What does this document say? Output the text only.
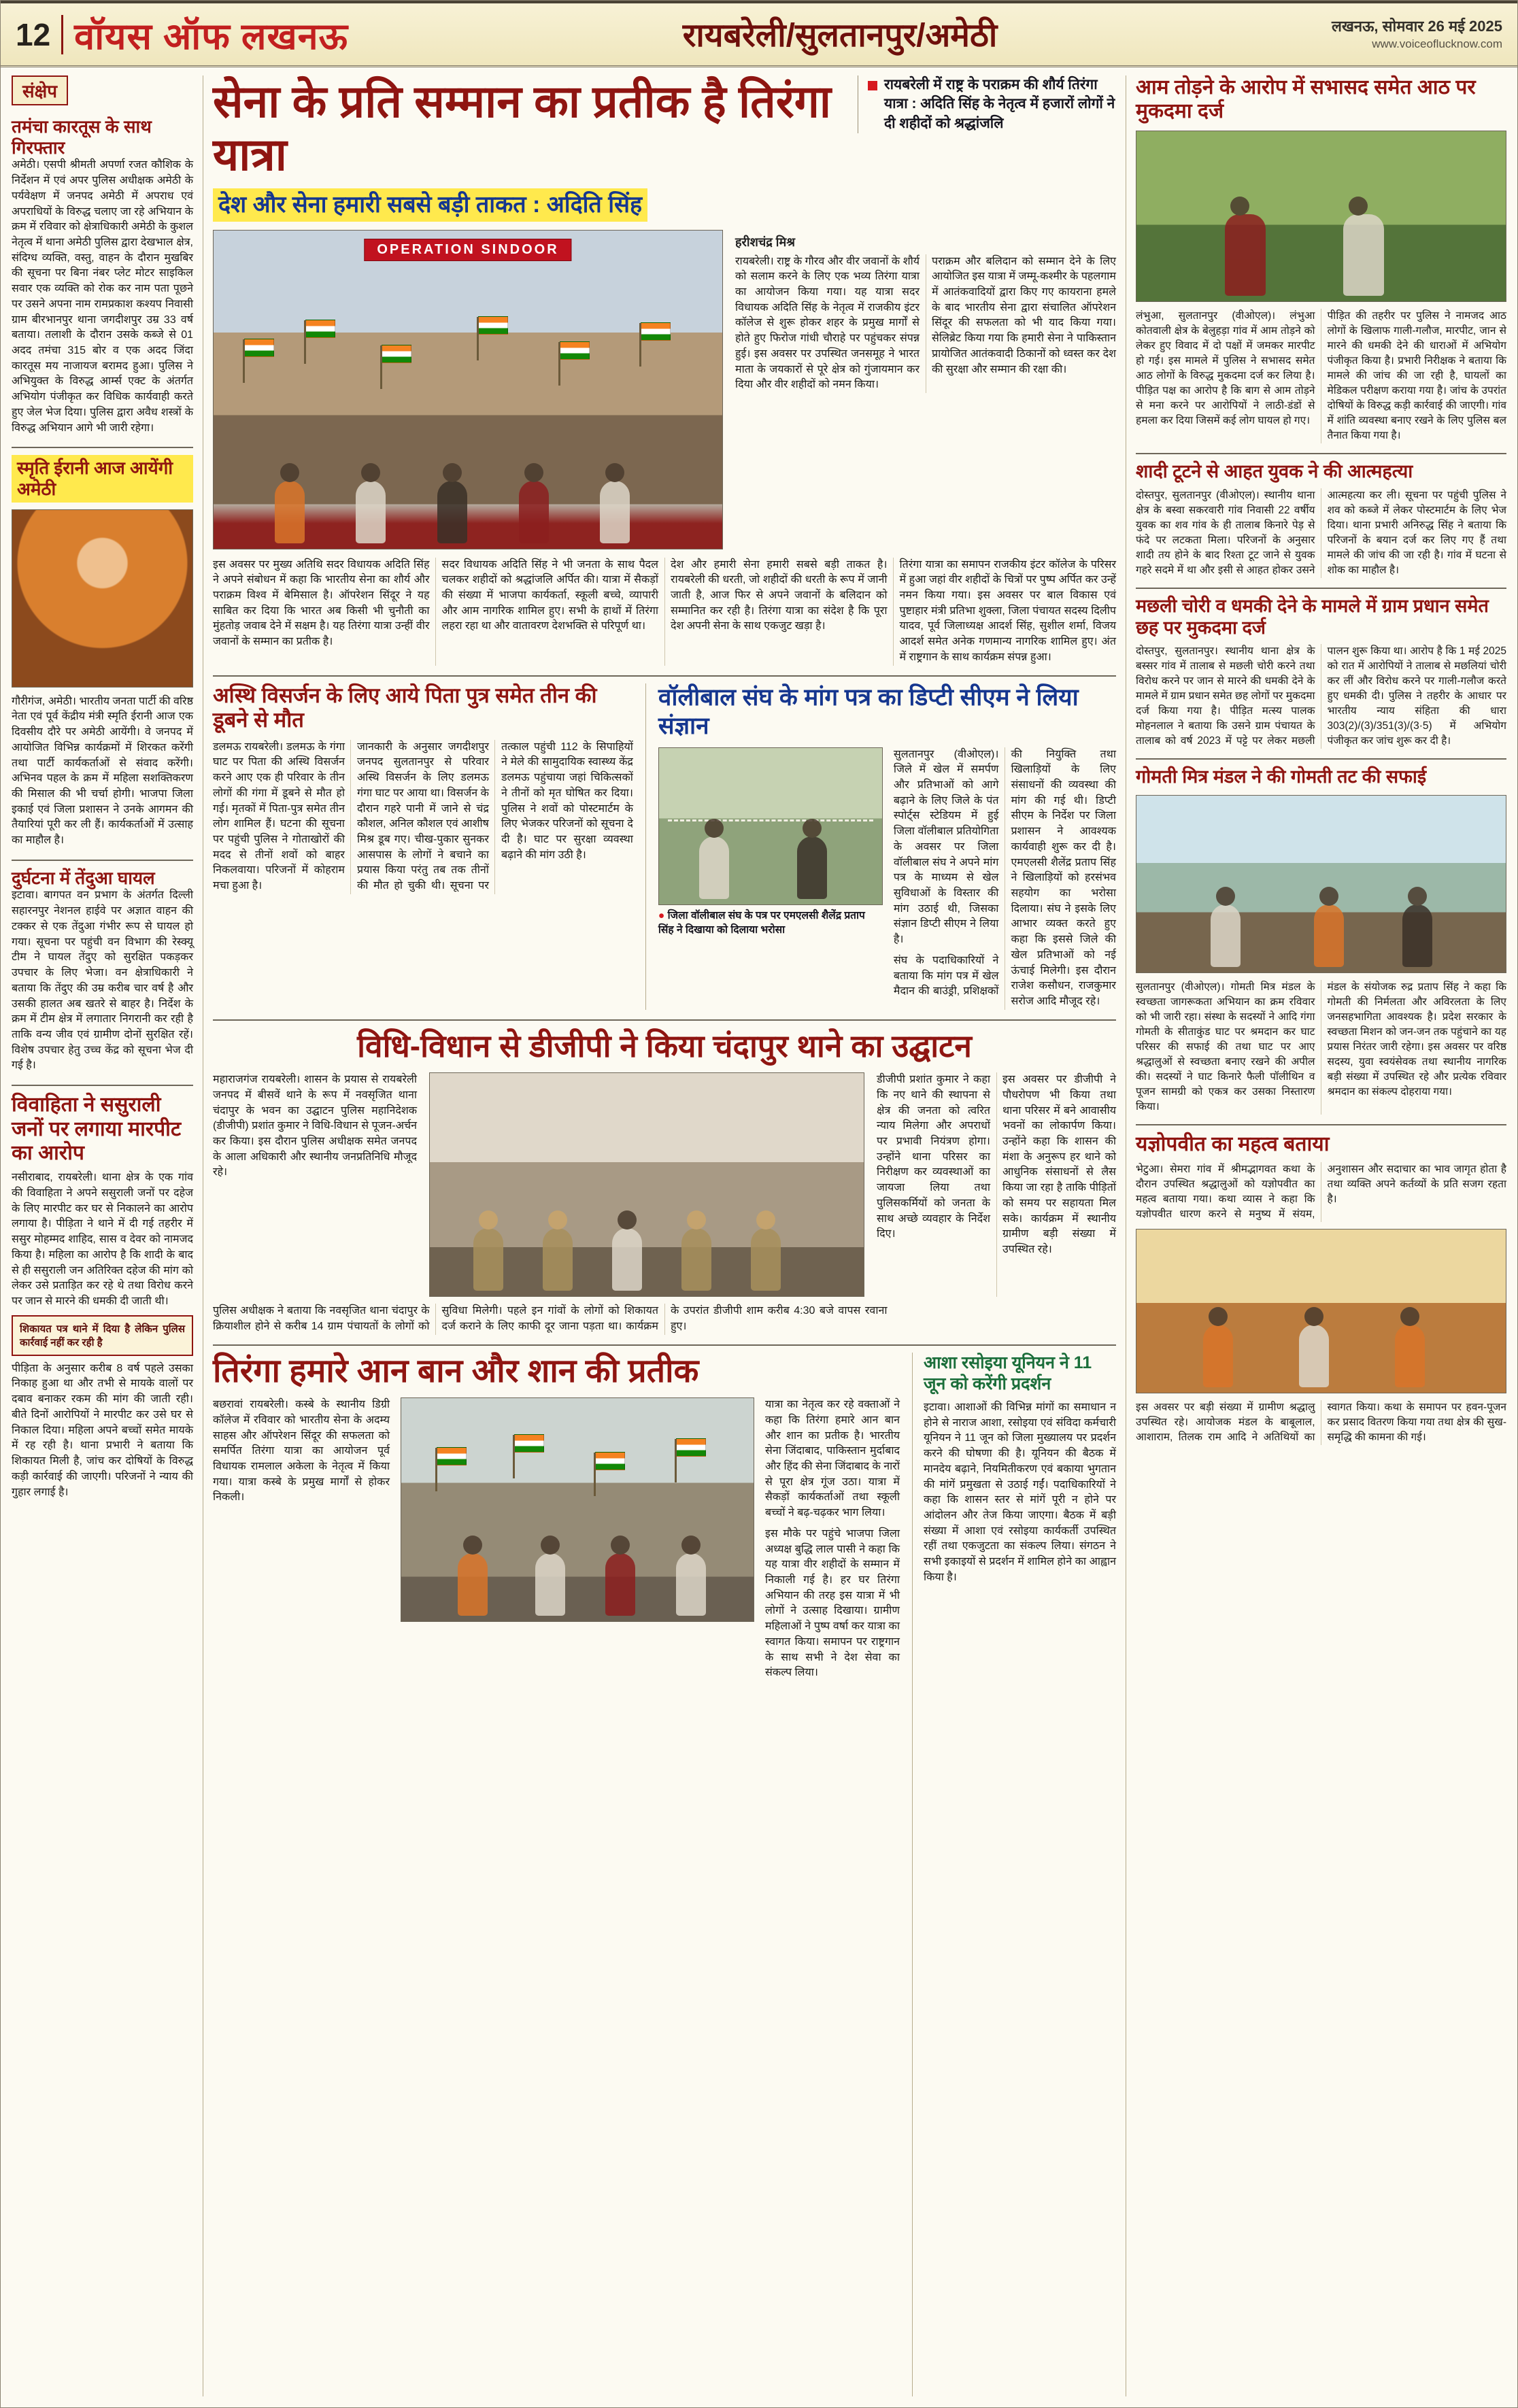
12 वॉयस ऑफ लखनऊ	रायबरेली/सुलतानपुर/अमेठी	लखनऊ, सोमवार 26 मई 2025
www.voiceoflucknow.com
संक्षेप
तमंचा कारतूस के साथ गिरफ्तार

अमेठी। एसपी श्रीमती अपर्णा रजत कौशिक के निर्देशन में एवं अपर पुलिस अधीक्षक अमेठी के पर्यवेक्षण में जनपद अमेठी में अपराध एवं अपराधियों के विरुद्ध चलाए जा रहे अभियान के क्रम में रविवार को क्षेत्राधिकारी अमेठी के कुशल नेतृत्व में थाना अमेठी पुलिस द्वारा देखभाल क्षेत्र, संदिग्ध व्यक्ति, वस्तु, वाहन के दौरान मुखबिर की सूचना पर बिना नंबर प्लेट मोटर साइकिल सवार एक व्यक्ति को रोक कर नाम पता पूछने पर उसने अपना नाम रामप्रकाश कश्यप निवासी ग्राम बीरभानपुर थाना जगदीशपुर उम्र 33 वर्ष बताया। तलाशी के दौरान उसके कब्जे से 01 अदद तमंचा 315 बोर व एक अदद जिंदा कारतूस मय नाजायज बरामद हुआ। पुलिस ने अभियुक्त के विरुद्ध आर्म्स एक्ट के अंतर्गत अभियोग पंजीकृत कर विधिक कार्यवाही करते हुए जेल भेज दिया। पुलिस द्वारा अवैध शस्त्रों के विरुद्ध अभियान आगे भी जारी रहेगा।

स्मृति ईरानी आज आयेंगी अमेठी

गौरीगंज, अमेठी। भारतीय जनता पार्टी की वरिष्ठ नेता एवं पूर्व केंद्रीय मंत्री स्मृति ईरानी आज एक दिवसीय दौरे पर अमेठी आयेंगी। वे जनपद में आयोजित विभिन्न कार्यक्रमों में शिरकत करेंगी तथा पार्टी कार्यकर्ताओं से संवाद करेंगी। अभिनव पहल के क्रम में महिला सशक्तिकरण की मिसाल की भी चर्चा होगी। भाजपा जिला इकाई एवं जिला प्रशासन ने उनके आगमन की तैयारियां पूरी कर ली हैं। कार्यकर्ताओं में उत्साह का माहौल है।

दुर्घटना में तेंदुआ घायल

इटावा। बागपत वन प्रभाग के अंतर्गत दिल्ली सहारनपुर नेशनल हाईवे पर अज्ञात वाहन की टक्कर से एक तेंदुआ गंभीर रूप से घायल हो गया। सूचना पर पहुंची वन विभाग की रेस्क्यू टीम ने घायल तेंदुए को सुरक्षित पकड़कर उपचार के लिए भेजा। वन क्षेत्राधिकारी ने बताया कि तेंदुए की उम्र करीब चार वर्ष है और उसकी हालत अब खतरे से बाहर है। निर्देश के क्रम में टीम क्षेत्र में लगातार निगरानी कर रही है ताकि वन्य जीव एवं ग्रामीण दोनों सुरक्षित रहें। विशेष उपचार हेतु उच्च केंद्र को सूचना भेज दी गई है।

विवाहिता ने ससुराली जनों पर लगाया मारपीट का आरोप

नसीराबाद, रायबरेली। थाना क्षेत्र के एक गांव की विवाहिता ने अपने ससुराली जनों पर दहेज के लिए मारपीट कर घर से निकालने का आरोप लगाया है। पीड़िता ने थाने में दी गई तहरीर में ससुर मोहम्मद शाहिद, सास व देवर को नामजद किया है। महिला का आरोप है कि शादी के बाद से ही ससुराली जन अतिरिक्त दहेज की मांग को लेकर उसे प्रताड़ित कर रहे थे तथा विरोध करने पर जान से मारने की धमकी दी जाती थी।

शिकायत पत्र थाने में दिया है लेकिन पुलिस कार्रवाई नहीं कर रही है

पीड़िता के अनुसार करीब 8 वर्ष पहले उसका निकाह हुआ था और तभी से मायके वालों पर दबाव बनाकर रकम की मांग की जाती रही। बीते दिनों आरोपियों ने मारपीट कर उसे घर से निकाल दिया। महिला अपने बच्चों समेत मायके में रह रही है। थाना प्रभारी ने बताया कि शिकायत मिली है, जांच कर दोषियों के विरुद्ध कड़ी कार्रवाई की जाएगी। परिजनों ने न्याय की गुहार लगाई है।

सेना के प्रति सम्मान का प्रतीक है तिरंगा यात्रा
देश और सेना हमारी सबसे बड़ी ताकत : अदिति सिंह

रायबरेली में राष्ट्र के पराक्रम की शौर्य तिरंगा यात्रा : अदिति सिंह के नेतृत्व में हजारों लोगों ने दी शहीदों को श्रद्धांजलि

OPERATION SINDOOR	हरीशचंद्र मिश्र

रायबरेली। राष्ट्र के गौरव और वीर जवानों के शौर्य को सलाम करने के लिए एक भव्य तिरंगा यात्रा का आयोजन किया गया। यह यात्रा सदर विधायक अदिति सिंह के नेतृत्व में राजकीय इंटर कॉलेज से शुरू होकर शहर के प्रमुख मार्गों से होते हुए फिरोज गांधी चौराहे पर पहुंचकर संपन्न हुई। इस अवसर पर उपस्थित जनसमूह ने भारत माता के जयकारों से पूरे क्षेत्र को गुंजायमान कर दिया और वीर शहीदों को नमन किया।

पराक्रम और बलिदान को सम्मान देने के लिए आयोजित इस यात्रा में जम्मू-कश्मीर के पहलगाम में आतंकवादियों द्वारा किए गए कायराना हमले के बाद भारतीय सेना द्वारा संचालित ऑपरेशन सिंदूर की सफलता को भी याद किया गया। सेलिब्रेट किया गया कि हमारी सेना ने पाकिस्तान प्रायोजित आतंकवादी ठिकानों को ध्वस्त कर देश की सुरक्षा और सम्मान की रक्षा की।

इस अवसर पर मुख्य अतिथि सदर विधायक अदिति सिंह ने अपने संबोधन में कहा कि भारतीय सेना का शौर्य और पराक्रम विश्व में बेमिसाल है। ऑपरेशन सिंदूर ने यह साबित कर दिया कि भारत अब किसी भी चुनौती का मुंहतोड़ जवाब देने में सक्षम है। यह तिरंगा यात्रा उन्हीं वीर जवानों के सम्मान का प्रतीक है।

सदर विधायक अदिति सिंह ने भी जनता के साथ पैदल चलकर शहीदों को श्रद्धांजलि अर्पित की। यात्रा में सैकड़ों की संख्या में भाजपा कार्यकर्ता, स्कूली बच्चे, व्यापारी और आम नागरिक शामिल हुए। सभी के हाथों में तिरंगा लहरा रहा था और वातावरण देशभक्ति से परिपूर्ण था।

देश और हमारी सेना हमारी सबसे बड़ी ताकत है। रायबरेली की धरती, जो शहीदों की धरती के रूप में जानी जाती है, आज फिर से अपने जवानों के बलिदान को सम्मानित कर रही है। तिरंगा यात्रा का संदेश है कि पूरा देश अपनी सेना के साथ एकजुट खड़ा है।

तिरंगा यात्रा का समापन राजकीय इंटर कॉलेज के परिसर में हुआ जहां वीर शहीदों के चित्रों पर पुष्प अर्पित कर उन्हें नमन किया गया। इस अवसर पर बाल विकास एवं पुष्टाहार मंत्री प्रतिभा शुक्ला, जिला पंचायत सदस्य दिलीप यादव, पूर्व जिलाध्यक्ष आदर्श सिंह, सुशील शर्मा, विजय आदर्श समेत अनेक गणमान्य नागरिक शामिल हुए। अंत में राष्ट्रगान के साथ कार्यक्रम संपन्न हुआ।

अस्थि विसर्जन के लिए आये पिता पुत्र समेत तीन की डूबने से मौत

डलमऊ रायबरेली। डलमऊ के गंगा घाट पर पिता की अस्थि विसर्जन करने आए एक ही परिवार के तीन लोगों की गंगा में डूबने से मौत हो गई। मृतकों में पिता-पुत्र समेत तीन लोग शामिल हैं। घटना की सूचना पर पहुंची पुलिस ने गोताखोरों की मदद से तीनों शवों को बाहर निकलवाया। परिजनों में कोहराम मचा हुआ है।

जानकारी के अनुसार जगदीशपुर जनपद सुलतानपुर से परिवार अस्थि विसर्जन के लिए डलमऊ गंगा घाट पर आया था। विसर्जन के दौरान गहरे पानी में जाने से चंद्र कौशल, अनिल कौशल एवं आशीष मिश्र डूब गए। चीख-पुकार सुनकर आसपास के लोगों ने बचाने का प्रयास किया परंतु तब तक तीनों की मौत हो चुकी थी। सूचना पर तत्काल पहुंची 112 के सिपाहियों ने मेले की सामुदायिक स्वास्थ्य केंद्र डलमऊ पहुंचाया जहां चिकित्सकों ने तीनों को मृत घोषित कर दिया। पुलिस ने शवों को पोस्टमार्टम के लिए भेजकर परिजनों को सूचना दे दी है। घाट पर सुरक्षा व्यवस्था बढ़ाने की मांग उठी है।

वॉलीबाल संघ के मांग पत्र का डिप्टी सीएम ने लिया संज्ञान
● जिला वॉलीबाल संघ के पत्र पर एमएलसी शैलेंद्र प्रताप सिंह ने दिखाया को दिलाया भरोसा

सुलतानपुर (वीओएल)। जिले में खेल में समर्पण और प्रतिभाओं को आगे बढ़ाने के लिए जिले के पंत स्पोर्ट्स स्टेडियम में हुई जिला वॉलीबाल प्रतियोगिता के अवसर पर जिला वॉलीबाल संघ ने अपने मांग पत्र के माध्यम से खेल सुविधाओं के विस्तार की मांग उठाई थी, जिसका संज्ञान डिप्टी सीएम ने लिया है।

संघ के पदाधिकारियों ने बताया कि मांग पत्र में खेल मैदान की बाउंड्री, प्रशिक्षकों की नियुक्ति तथा खिलाड़ियों के लिए संसाधनों की व्यवस्था की मांग की गई थी। डिप्टी सीएम के निर्देश पर जिला प्रशासन ने आवश्यक कार्यवाही शुरू कर दी है। एमएलसी शैलेंद्र प्रताप सिंह ने खिलाड़ियों को हरसंभव सहयोग का भरोसा दिलाया। संघ ने इसके लिए आभार व्यक्त करते हुए कहा कि इससे जिले की खेल प्रतिभाओं को नई ऊंचाई मिलेगी। इस दौरान राजेश कसौधन, राजकुमार सरोज आदि मौजूद रहे।

विधि-विधान से डीजीपी ने किया चंदापुर थाने का उद्घाटन

महाराजगंज रायबरेली। शासन के प्रयास से रायबरेली जनपद में बीसवें थाने के रूप में नवसृजित थाना चंदापुर के भवन का उद्घाटन पुलिस महानिदेशक (डीजीपी) प्रशांत कुमार ने विधि-विधान से पूजन-अर्चन कर किया। इस दौरान पुलिस अधीक्षक समेत जनपद के आला अधिकारी और स्थानीय जनप्रतिनिधि मौजूद रहे।

डीजीपी प्रशांत कुमार ने कहा कि नए थाने की स्थापना से क्षेत्र की जनता को त्वरित न्याय मिलेगा और अपराधों पर प्रभावी नियंत्रण होगा। उन्होंने थाना परिसर का निरीक्षण कर व्यवस्थाओं का जायजा लिया तथा पुलिसकर्मियों को जनता के साथ अच्छे व्यवहार के निर्देश दिए।

इस अवसर पर डीजीपी ने पौधरोपण भी किया तथा थाना परिसर में बने आवासीय भवनों का लोकार्पण किया। उन्होंने कहा कि शासन की मंशा के अनुरूप हर थाने को आधुनिक संसाधनों से लैस किया जा रहा है ताकि पीड़ितों को समय पर सहायता मिल सके। कार्यक्रम में स्थानीय ग्रामीण बड़ी संख्या में उपस्थित रहे।

पुलिस अधीक्षक ने बताया कि नवसृजित थाना चंदापुर के क्रियाशील होने से करीब 14 ग्राम पंचायतों के लोगों को सुविधा मिलेगी। पहले इन गांवों के लोगों को शिकायत दर्ज कराने के लिए काफी दूर जाना पड़ता था। कार्यक्रम के उपरांत डीजीपी शाम करीब 4:30 बजे वापस रवाना हुए।

तिरंगा हमारे आन बान और शान की प्रतीक

बछरावां रायबरेली। कस्बे के स्थानीय डिग्री कॉलेज में रविवार को भारतीय सेना के अदम्य साहस और ऑपरेशन सिंदूर की सफलता को समर्पित तिरंगा यात्रा का आयोजन पूर्व विधायक रामलाल अकेला के नेतृत्व में किया गया। यात्रा कस्बे के प्रमुख मार्गों से होकर निकली।

यात्रा का नेतृत्व कर रहे वक्ताओं ने कहा कि तिरंगा हमारे आन बान और शान का प्रतीक है। भारतीय सेना जिंदाबाद, पाकिस्तान मुर्दाबाद और हिंद की सेना जिंदाबाद के नारों से पूरा क्षेत्र गूंज उठा। यात्रा में सैकड़ों कार्यकर्ताओं तथा स्कूली बच्चों ने बढ़-चढ़कर भाग लिया।

इस मौके पर पहुंचे भाजपा जिला अध्यक्ष बुद्धि लाल पासी ने कहा कि यह यात्रा वीर शहीदों के सम्मान में निकाली गई है। हर घर तिरंगा अभियान की तरह इस यात्रा में भी लोगों ने उत्साह दिखाया। ग्रामीण महिलाओं ने पुष्प वर्षा कर यात्रा का स्वागत किया। समापन पर राष्ट्रगान के साथ सभी ने देश सेवा का संकल्प लिया।

आशा रसोइया यूनियन ने 11 जून को करेंगी प्रदर्शन

इटावा। आशाओं की विभिन्न मांगों का समाधान न होने से नाराज आशा, रसोइया एवं संविदा कर्मचारी यूनियन ने 11 जून को जिला मुख्यालय पर प्रदर्शन करने की घोषणा की है। यूनियन की बैठक में मानदेय बढ़ाने, नियमितीकरण एवं बकाया भुगतान की मांगें प्रमुखता से उठाई गईं। पदाधिकारियों ने कहा कि शासन स्तर से मांगें पूरी न होने पर आंदोलन और तेज किया जाएगा। बैठक में बड़ी संख्या में आशा एवं रसोइया कार्यकर्ती उपस्थित रहीं तथा एकजुटता का संकल्प लिया। संगठन ने सभी इकाइयों से प्रदर्शन में शामिल होने का आह्वान किया है।

आम तोड़ने के आरोप में सभासद समेत आठ पर मुकदमा दर्ज

लंभुआ, सुलतानपुर (वीओएल)। लंभुआ कोतवाली क्षेत्र के बेलुहड़ा गांव में आम तोड़ने को लेकर हुए विवाद में दो पक्षों में जमकर मारपीट हो गई। इस मामले में पुलिस ने सभासद समेत आठ लोगों के विरुद्ध मुकदमा दर्ज कर लिया है। पीड़ित पक्ष का आरोप है कि बाग से आम तोड़ने से मना करने पर आरोपियों ने लाठी-डंडों से हमला कर दिया जिसमें कई लोग घायल हो गए।

पीड़ित की तहरीर पर पुलिस ने नामजद आठ लोगों के खिलाफ गाली-गलौज, मारपीट, जान से मारने की धमकी देने की धाराओं में अभियोग पंजीकृत किया है। प्रभारी निरीक्षक ने बताया कि मामले की जांच की जा रही है, घायलों का मेडिकल परीक्षण कराया गया है। जांच के उपरांत दोषियों के विरुद्ध कड़ी कार्रवाई की जाएगी। गांव में शांति व्यवस्था बनाए रखने के लिए पुलिस बल तैनात किया गया है।

शादी टूटने से आहत युवक ने की आत्महत्या

दोस्तपुर, सुलतानपुर (वीओएल)। स्थानीय थाना क्षेत्र के बस्वा सकरवारी गांव निवासी 22 वर्षीय युवक का शव गांव के ही तालाब किनारे पेड़ से फंदे पर लटकता मिला। परिजनों के अनुसार शादी तय होने के बाद रिश्ता टूट जाने से युवक गहरे सदमे में था और इसी से आहत होकर उसने आत्महत्या कर ली। सूचना पर पहुंची पुलिस ने शव को कब्जे में लेकर पोस्टमार्टम के लिए भेज दिया। थाना प्रभारी अनिरुद्ध सिंह ने बताया कि परिजनों के बयान दर्ज कर लिए गए हैं तथा मामले की जांच की जा रही है। गांव में घटना से शोक का माहौल है।

मछली चोरी व धमकी देने के मामले में ग्राम प्रधान समेत छह पर मुकदमा दर्ज

दोस्तपुर, सुलतानपुर। स्थानीय थाना क्षेत्र के बस्सर गांव में तालाब से मछली चोरी करने तथा विरोध करने पर जान से मारने की धमकी देने के मामले में ग्राम प्रधान समेत छह लोगों पर मुकदमा दर्ज किया गया है। पीड़ित मत्स्य पालक मोहनलाल ने बताया कि उसने ग्राम पंचायत के तालाब को वर्ष 2023 में पट्टे पर लेकर मछली पालन शुरू किया था। आरोप है कि 1 मई 2025 को रात में आरोपियों ने तालाब से मछलियां चोरी कर लीं और विरोध करने पर गाली-गलौज करते हुए धमकी दी। पुलिस ने तहरीर के आधार पर भारतीय न्याय संहिता की धारा 303(2)/(3)/351(3)/(3·5) में अभियोग पंजीकृत कर जांच शुरू कर दी है।

गोमती मित्र मंडल ने की गोमती तट की सफाई

सुलतानपुर (वीओएल)। गोमती मित्र मंडल के स्वच्छता जागरूकता अभियान का क्रम रविवार को भी जारी रहा। संस्था के सदस्यों ने आदि गंगा गोमती के सीताकुंड घाट पर श्रमदान कर घाट परिसर की सफाई की तथा घाट पर आए श्रद्धालुओं से स्वच्छता बनाए रखने की अपील की। सदस्यों ने घाट किनारे फैली पॉलीथिन व पूजन सामग्री को एकत्र कर उसका निस्तारण किया।

मंडल के संयोजक रुद्र प्रताप सिंह ने कहा कि गोमती की निर्मलता और अविरलता के लिए जनसहभागिता आवश्यक है। प्रदेश सरकार के स्वच्छता मिशन को जन-जन तक पहुंचाने का यह प्रयास निरंतर जारी रहेगा। इस अवसर पर वरिष्ठ सदस्य, युवा स्वयंसेवक तथा स्थानीय नागरिक बड़ी संख्या में उपस्थित रहे और प्रत्येक रविवार श्रमदान का संकल्प दोहराया गया।

यज्ञोपवीत का महत्व बताया

भेटुआ। सेमरा गांव में श्रीमद्भागवत कथा के दौरान उपस्थित श्रद्धालुओं को यज्ञोपवीत का महत्व बताया गया। कथा व्यास ने कहा कि यज्ञोपवीत धारण करने से मनुष्य में संयम, अनुशासन और सदाचार का भाव जागृत होता है तथा व्यक्ति अपने कर्तव्यों के प्रति सजग रहता है।

इस अवसर पर बड़ी संख्या में ग्रामीण श्रद्धालु उपस्थित रहे। आयोजक मंडल के बाबूलाल, आशाराम, तिलक राम आदि ने अतिथियों का स्वागत किया। कथा के समापन पर हवन-पूजन कर प्रसाद वितरण किया गया तथा क्षेत्र की सुख-समृद्धि की कामना की गई।
